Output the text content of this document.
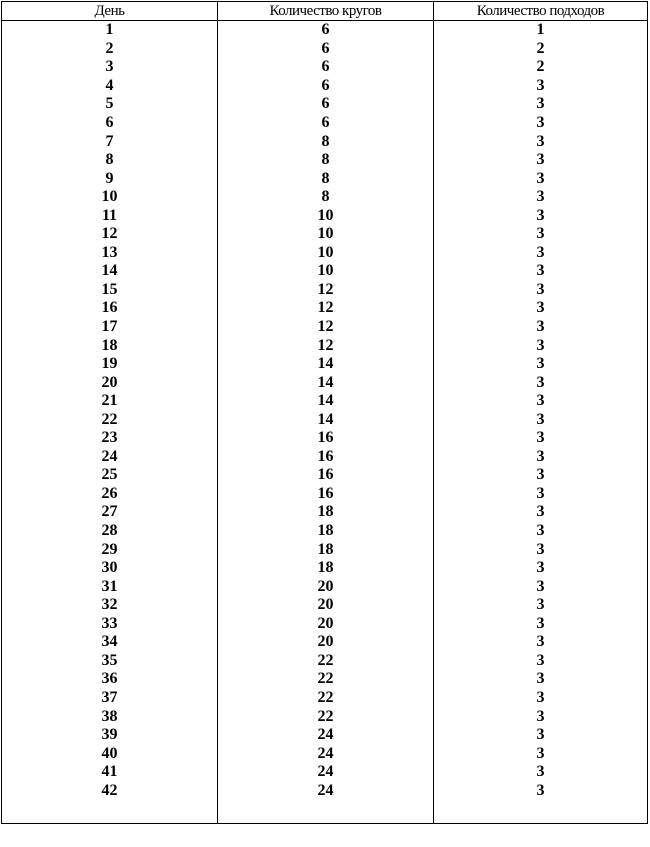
День	Количество кругов	Количество подходов
1	6	1
2	6	2
3	6	2
4	6	3
5	6	3
6	6	3
7	8	3
8	8	3
9	8	3
10	8	3
11	10	3
12	10	3
13	10	3
14	10	3
15	12	3
16	12	3
17	12	3
18	12	3
19	14	3
20	14	3
21	14	3
22	14	3
23	16	3
24	16	3
25	16	3
26	16	3
27	18	3
28	18	3
29	18	3
30	18	3
31	20	3
32	20	3
33	20	3
34	20	3
35	22	3
36	22	3
37	22	3
38	22	3
39	24	3
40	24	3
41	24	3
42	24	3
